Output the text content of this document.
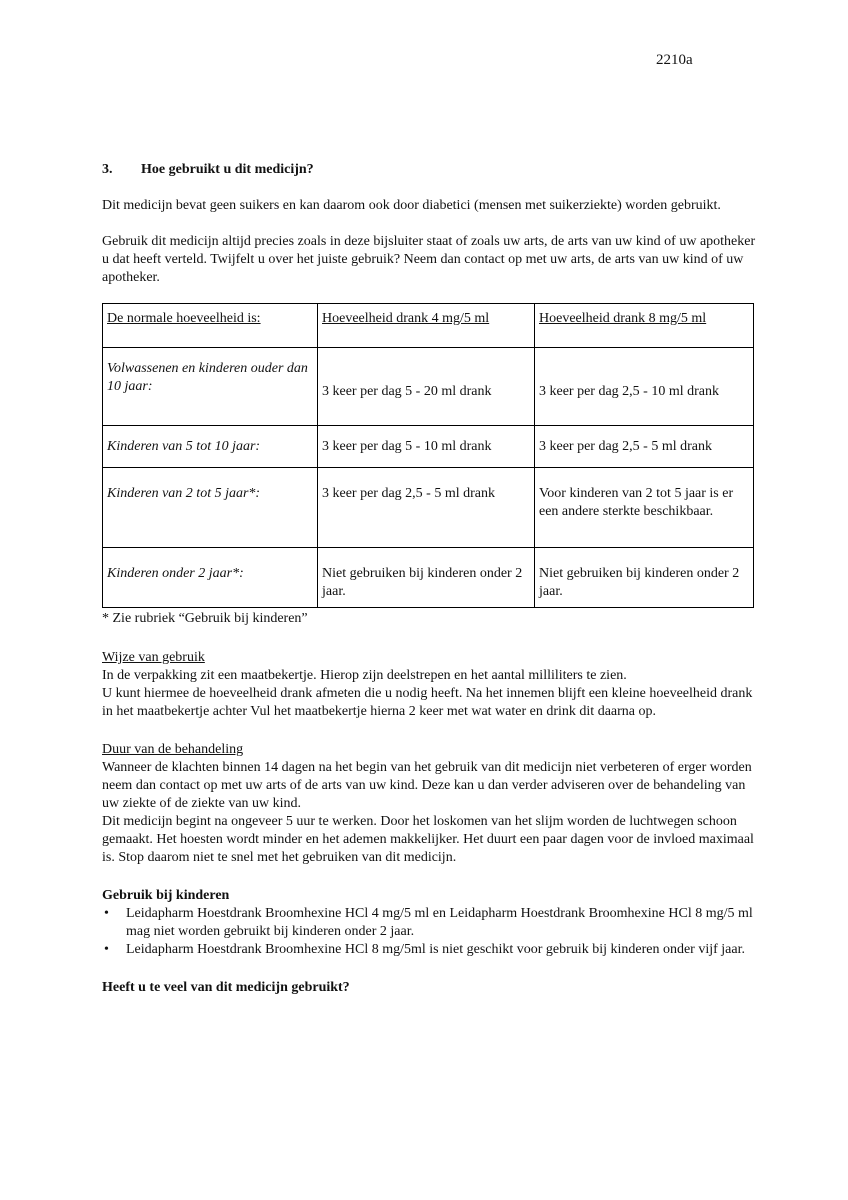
2210a
3. Hoe gebruikt u dit medicijn?

Dit medicijn bevat geen suikers en kan daarom ook door diabetici (mensen met suikerziekte) worden gebruikt.

Gebruik dit medicijn altijd precies zoals in deze bijsluiter staat of zoals uw arts, de arts van uw kind of uw apotheker u dat heeft verteld. Twijfelt u over het juiste gebruik? Neem dan contact op met uw arts, de arts van uw kind of uw apotheker.

De normale hoeveelheid is:	Hoeveelheid drank 4 mg/5 ml	Hoeveelheid drank 8 mg/5 ml
Volwassenen en kinderen ouder dan 10 jaar:	3 keer per dag 5 - 20 ml drank	3 keer per dag 2,5 - 10 ml drank
Kinderen van 5 tot 10 jaar:	3 keer per dag 5 - 10 ml drank	3 keer per dag 2,5 - 5 ml drank
Kinderen van 2 tot 5 jaar*:	3 keer per dag 2,5 - 5 ml drank	Voor kinderen van 2 tot 5 jaar is er een andere sterkte beschikbaar.
Kinderen onder 2 jaar*:	Niet gebruiken bij kinderen onder 2 jaar.	Niet gebruiken bij kinderen onder 2 jaar.
* Zie rubriek “Gebruik bij kinderen”
Wijze van gebruik
In de verpakking zit een maatbekertje. Hierop zijn deelstrepen en het aantal milliliters te zien.
U kunt hiermee de hoeveelheid drank afmeten die u nodig heeft. Na het innemen blijft een kleine hoeveelheid drank in het maatbekertje achter Vul het maatbekertje hierna 2 keer met wat water en drink dit daarna op.
Duur van de behandeling
Wanneer de klachten binnen 14 dagen na het begin van het gebruik van dit medicijn niet verbeteren of erger worden neem dan contact op met uw arts of de arts van uw kind. Deze kan u dan verder adviseren over de behandeling van uw ziekte of de ziekte van uw kind.
Dit medicijn begint na ongeveer 5 uur te werken. Door het loskomen van het slijm worden de luchtwegen schoon gemaakt. Het hoesten wordt minder en het ademen makkelijker. Het duurt een paar dagen voor de invloed maximaal is. Stop daarom niet te snel met het gebruiken van dit medicijn.
Gebruik bij kinderen
• Leidapharm Hoestdrank Broomhexine HCl 4 mg/5 ml en Leidapharm Hoestdrank Broomhexine HCl 8 mg/5 ml mag niet worden gebruikt bij kinderen onder 2 jaar.
• Leidapharm Hoestdrank Broomhexine HCl 8 mg/5ml is niet geschikt voor gebruik bij kinderen onder vijf jaar.
Heeft u te veel van dit medicijn gebruikt?
